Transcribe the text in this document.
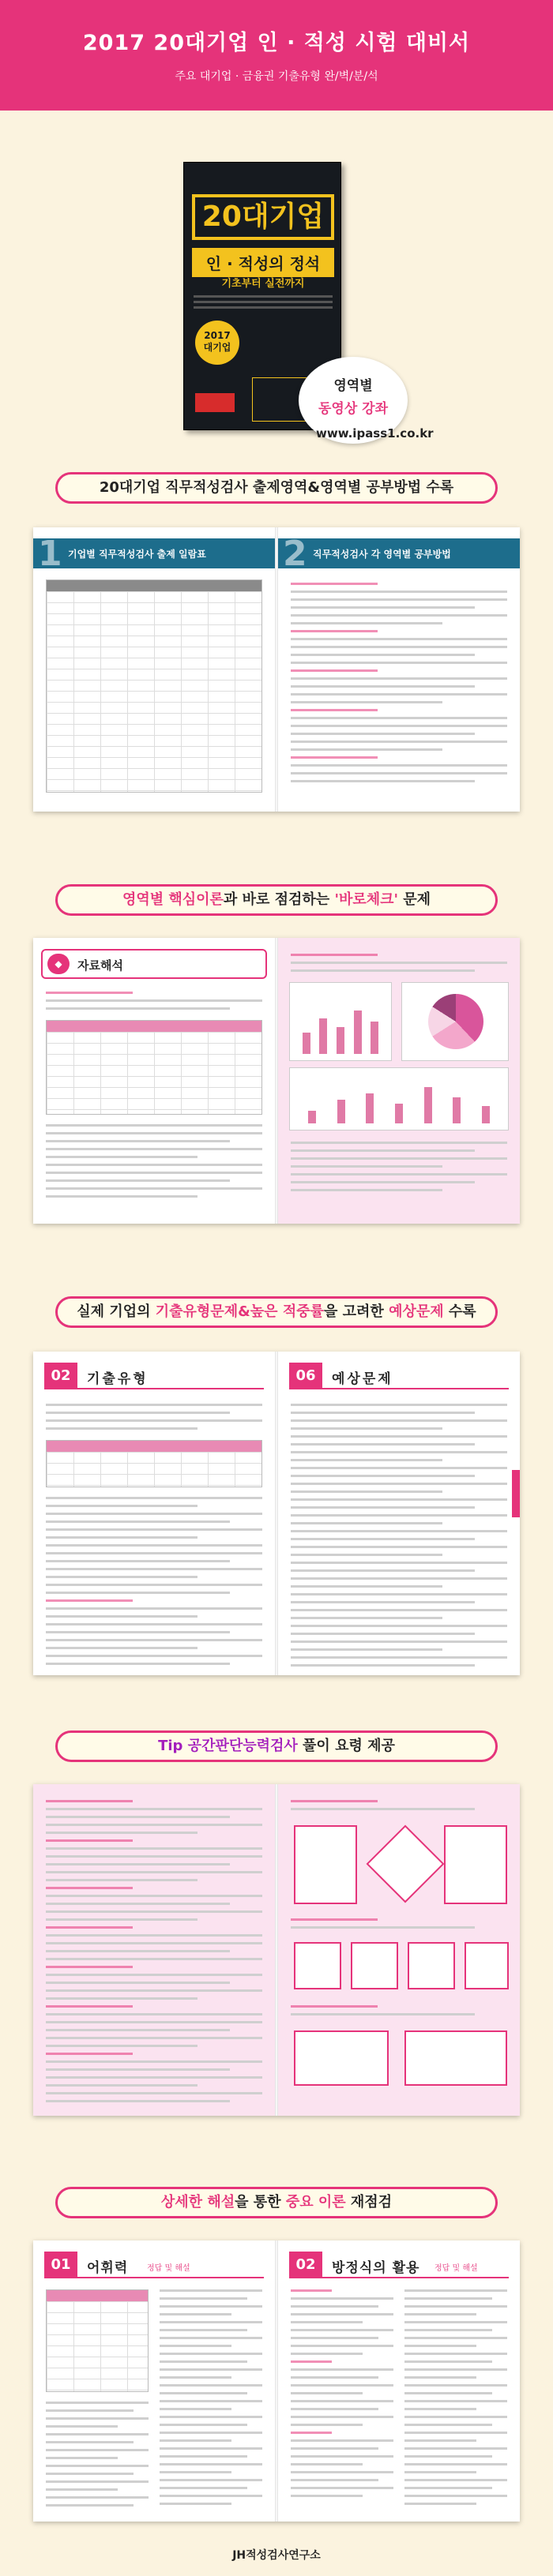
2017 20대기업 인 · 적성 시험 대비서
주요 대기업 · 금융권 기출유형 완/벽/분/석
20대기업
인 · 적성의 정석
기초부터 실전까지
2017
대기업
영역별
동영상 강좌
www.ipass1.co.kr
20대기업 직무적성검사 출제영역&영역별 공부방법 수록
1 기업별 직무적성검사 출제 일람표 2 직무적성검사 각 영역별 공부방법
영역별 핵심이론과 바로 점검하는 '바로체크' 문제
◆	자료해석
실제 기업의 기출유형문제&높은 적중률을 고려한 예상문제 수록
02	기출유형	06	예상문제
Tip 공간판단능력검사 풀이 요령 제공
상세한 해설을 통한 중요 이론 재점검
01	어휘력 정답 및 해설	02	방정식의 활용 정답 및 해설
JH적성검사연구소
